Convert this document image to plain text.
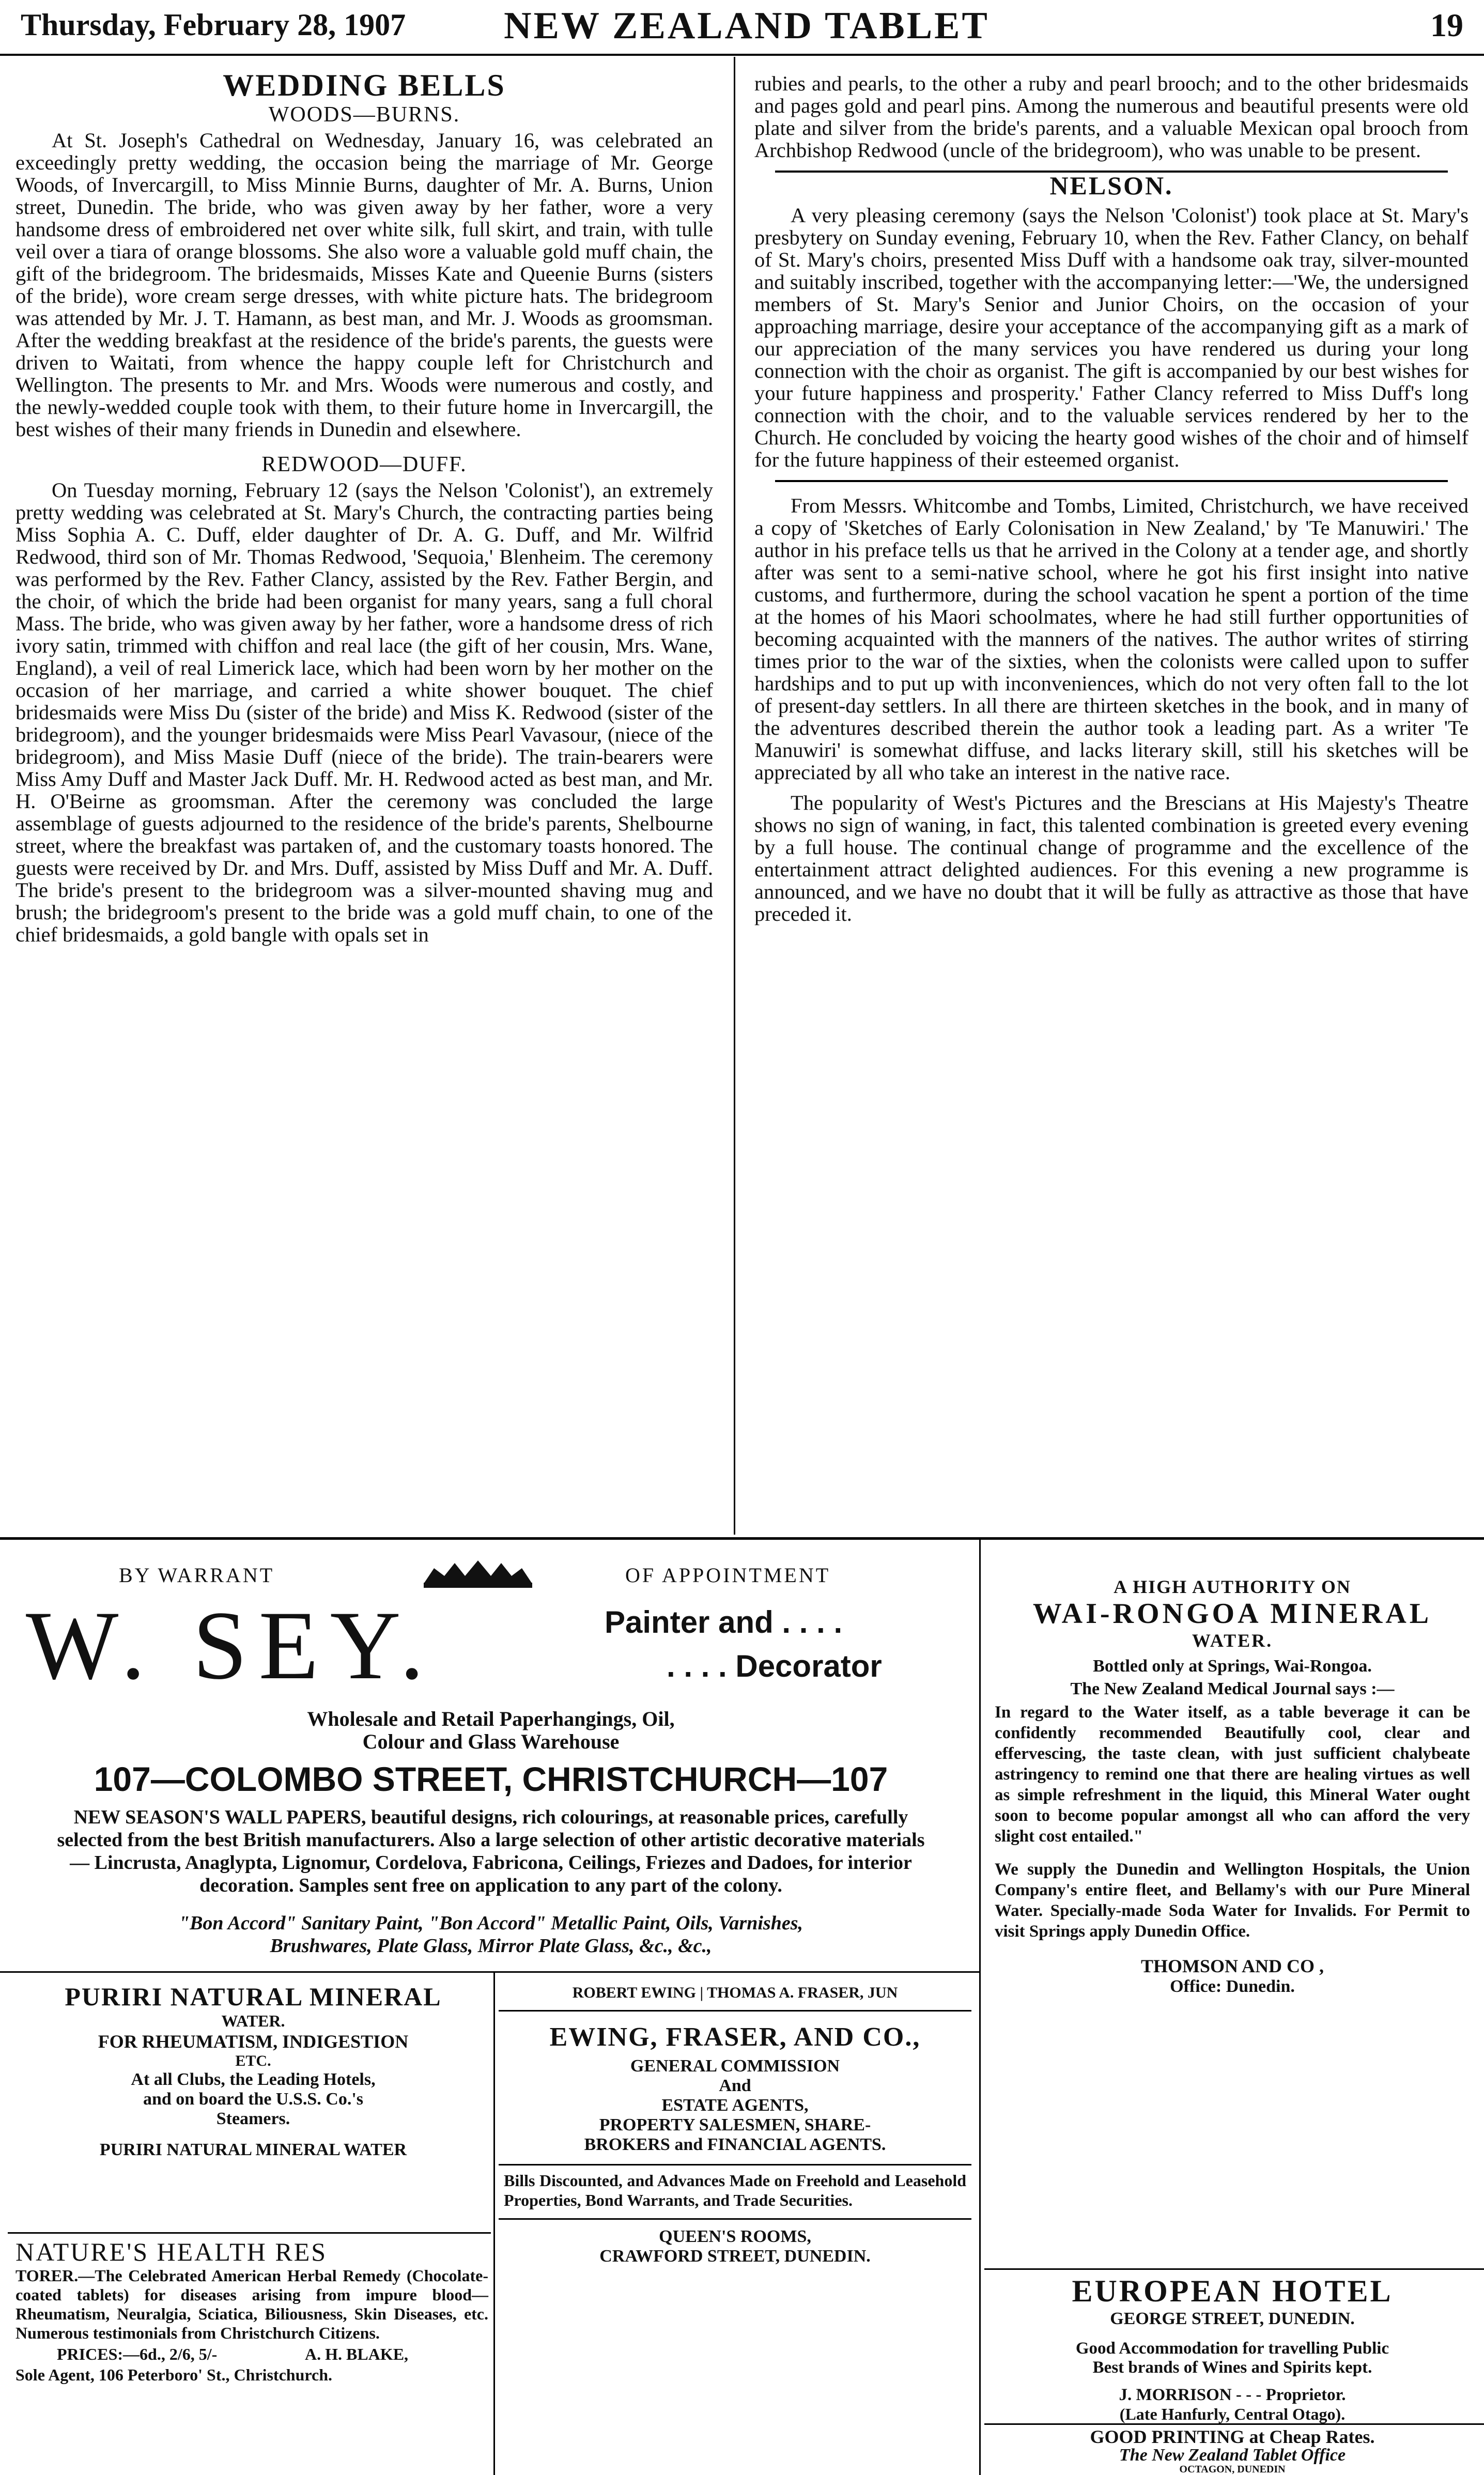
Thursday, February 28, 1907	NEW ZEALAND TABLET	19
WEDDING BELLS
WOODS—BURNS.

At St. Joseph's Cathedral on Wednesday, January 16, was celebrated an exceedingly pretty wedding, the occasion being the marriage of Mr. George Woods, of Invercargill, to Miss Minnie Burns, daughter of Mr. A. Burns, Union street, Dunedin. The bride, who was given away by her father, wore a very handsome dress of embroidered net over white silk, full skirt, and train, with tulle veil over a tiara of orange blossoms. She also wore a valuable gold muff chain, the gift of the bridegroom. The bridesmaids, Misses Kate and Queenie Burns (sisters of the bride), wore cream serge dresses, with white picture hats. The bridegroom was attended by Mr. J. T. Hamann, as best man, and Mr. J. Woods as groomsman. After the wedding breakfast at the residence of the bride's parents, the guests were driven to Waitati, from whence the happy couple left for Christchurch and Wellington. The presents to Mr. and Mrs. Woods were numerous and costly, and the newly-wedded couple took with them, to their future home in Invercargill, the best wishes of their many friends in Dunedin and elsewhere.

REDWOOD—DUFF.

On Tuesday morning, February 12 (says the Nelson 'Colonist'), an extremely pretty wedding was celebrated at St. Mary's Church, the contracting parties being Miss Sophia A. C. Duff, elder daughter of Dr. A. G. Duff, and Mr. Wilfrid Redwood, third son of Mr. Thomas Redwood, 'Sequoia,' Blenheim. The ceremony was performed by the Rev. Father Clancy, assisted by the Rev. Father Bergin, and the choir, of which the bride had been organist for many years, sang a full choral Mass. The bride, who was given away by her father, wore a handsome dress of rich ivory satin, trimmed with chiffon and real lace (the gift of her cousin, Mrs. Wane, England), a veil of real Limerick lace, which had been worn by her mother on the occasion of her marriage, and carried a white shower bouquet. The chief bridesmaids were Miss Du (sister of the bride) and Miss K. Redwood (sister of the bridegroom), and the younger bridesmaids were Miss Pearl Vavasour, (niece of the bridegroom), and Miss Masie Duff (niece of the bride). The train-bearers were Miss Amy Duff and Master Jack Duff. Mr. H. Redwood acted as best man, and Mr. H. O'Beirne as groomsman. After the ceremony was concluded the large assemblage of guests adjourned to the residence of the bride's parents, Shelbourne street, where the breakfast was partaken of, and the customary toasts honored. The guests were received by Dr. and Mrs. Duff, assisted by Miss Duff and Mr. A. Duff. The bride's present to the bridegroom was a silver-mounted shaving mug and brush; the bridegroom's present to the bride was a gold muff chain, to one of the chief bridesmaids, a gold bangle with opals set in

rubies and pearls, to the other a ruby and pearl brooch; and to the other bridesmaids and pages gold and pearl pins. Among the numerous and beautiful presents were old plate and silver from the bride's parents, and a valuable Mexican opal brooch from Archbishop Redwood (uncle of the bridegroom), who was unable to be present.

NELSON.

A very pleasing ceremony (says the Nelson 'Colonist') took place at St. Mary's presbytery on Sunday evening, February 10, when the Rev. Father Clancy, on behalf of St. Mary's choirs, presented Miss Duff with a handsome oak tray, silver-mounted and suitably inscribed, together with the accompanying letter:—'We, the undersigned members of St. Mary's Senior and Junior Choirs, on the occasion of your approaching marriage, desire your acceptance of the accompanying gift as a mark of our appreciation of the many services you have rendered us during your long connection with the choir as organist. The gift is accompanied by our best wishes for your future happiness and prosperity.' Father Clancy referred to Miss Duff's long connection with the choir, and to the valuable services rendered by her to the Church. He concluded by voicing the hearty good wishes of the choir and of himself for the future happiness of their esteemed organist.

From Messrs. Whitcombe and Tombs, Limited, Christchurch, we have received a copy of 'Sketches of Early Colonisation in New Zealand,' by 'Te Manuwiri.' The author in his preface tells us that he arrived in the Colony at a tender age, and shortly after was sent to a semi-native school, where he got his first insight into native customs, and furthermore, during the school vacation he spent a portion of the time at the homes of his Maori schoolmates, where he had still further opportunities of becoming acquainted with the manners of the natives. The author writes of stirring times prior to the war of the sixties, when the colonists were called upon to suffer hardships and to put up with inconveniences, which do not very often fall to the lot of present-day settlers. In all there are thirteen sketches in the book, and in many of the adventures described therein the author took a leading part. As a writer 'Te Manuwiri' is somewhat diffuse, and lacks literary skill, still his sketches will be appreciated by all who take an interest in the native race.

The popularity of West's Pictures and the Brescians at His Majesty's Theatre shows no sign of waning, in fact, this talented combination is greeted every evening by a full house. The continual change of programme and the excellence of the entertainment attract delighted audiences. For this evening a new programme is announced, and we have no doubt that it will be fully as attractive as those that have preceded it.

BY WARRANT	OF APPOINTMENT
W. SEY.	Painter and . . . .
. . . . Decorator
Wholesale and Retail Paperhangings, Oil,
Colour and Glass Warehouse
107—COLOMBO STREET, CHRISTCHURCH—107
NEW SEASON'S WALL PAPERS, beautiful designs, rich colourings, at reasonable prices, carefully selected from the best British manufacturers. Also a large selection of other artistic decorative materials — Lincrusta, Anaglypta, Lignomur, Cordelova, Fabricona, Ceilings, Friezes and Dadoes, for interior decoration. Samples sent free on application to any part of the colony.
"Bon Accord" Sanitary Paint, "Bon Accord" Metallic Paint, Oils, Varnishes,
Brushwares, Plate Glass, Mirror Plate Glass, &c., &c.,
A HIGH AUTHORITY ON
WAI-RONGOA MINERAL
WATER.
Bottled only at Springs, Wai-Rongoa.
The New Zealand Medical Journal says :—
In regard to the Water itself, as a table beverage it can be confidently recommended Beautifully cool, clear and effervescing, the taste clean, with just sufficient chalybeate astringency to remind one that there are healing virtues as well as simple refreshment in the liquid, this Mineral Water ought soon to become popular amongst all who can afford the very slight cost entailed."
We supply the Dunedin and Wellington Hospitals, the Union Company's entire fleet, and Bellamy's with our Pure Mineral Water. Specially-made Soda Water for Invalids. For Permit to visit Springs apply Dunedin Office.
THOMSON AND CO ,
Office: Dunedin.
EUROPEAN HOTEL
GEORGE STREET, DUNEDIN.
Good Accommodation for travelling Public
Best brands of Wines and Spirits kept.
J. MORRISON - - - Proprietor.
(Late Hanfurly, Central Otago).
GOOD PRINTING at Cheap Rates.
The New Zealand Tablet Office
OCTAGON, DUNEDIN
PURIRI NATURAL MINERAL
WATER.
FOR RHEUMATISM, INDIGESTION
ETC.
At all Clubs, the Leading Hotels,
and on board the U.S.S. Co.'s
Steamers.
PURIRI NATURAL MINERAL WATER
NATURE'S HEALTH RES
TORER.—The Celebrated American Herbal Remedy (Chocolate-coated tablets) for diseases arising from impure blood—Rheumatism, Neuralgia, Sciatica, Biliousness, Skin Diseases, etc. Numerous testimonials from Christchurch Citizens.
PRICES:—6d., 2/6, 5/-	A. H. BLAKE,
Sole Agent, 106 Peterboro' St., Christchurch.
ROBERT EWING | THOMAS A. FRASER, JUN
EWING, FRASER, AND CO.,
GENERAL COMMISSION
And
ESTATE AGENTS,
PROPERTY SALESMEN, SHARE-
BROKERS and FINANCIAL AGENTS.
Bills Discounted, and Advances Made on Freehold and Leasehold Properties, Bond Warrants, and Trade Securities.
QUEEN'S ROOMS,
CRAWFORD STREET, DUNEDIN.
